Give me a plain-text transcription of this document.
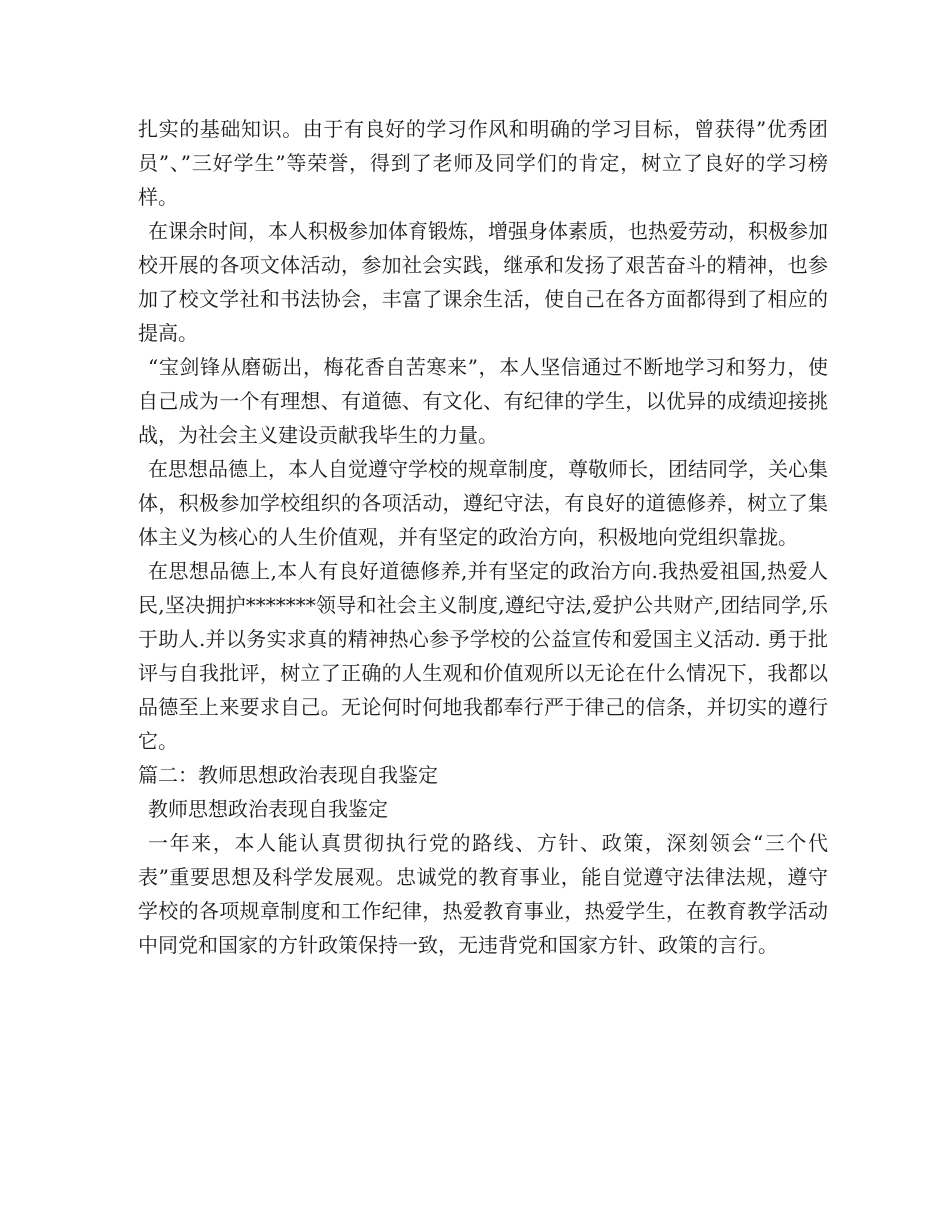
扎实的基础知识。由于有良好的学习作风和明确的学习目标，曾获得”优秀团员”、”三好学生”等荣誉，得到了老师及同学们的肯定，树立了良好的学习榜样。

在课余时间，本人积极参加体育锻炼，增强身体素质，也热爱劳动，积极参加校开展的各项文体活动，参加社会实践，继承和发扬了艰苦奋斗的精神，也参加了校文学社和书法协会，丰富了课余生活，使自己在各方面都得到了相应的提高。

“宝剑锋从磨砺出，梅花香自苦寒来”，本人坚信通过不断地学习和努力，使自己成为一个有理想、有道德、有文化、有纪律的学生，以优异的成绩迎接挑战，为社会主义建设贡献我毕生的力量。

在思想品德上，本人自觉遵守学校的规章制度，尊敬师长，团结同学，关心集体，积极参加学校组织的各项活动，遵纪守法，有良好的道德修养，树立了集体主义为核心的人生价值观，并有坚定的政治方向，积极地向党组织靠拢。

在思想品德上,本人有良好道德修养,并有坚定的政治方向.我热爱祖国,热爱人民,坚决拥护*******领导和社会主义制度,遵纪守法,爱护公共财产,团结同学,乐于助人.并以务实求真的精神热心参予学校的公益宣传和爱国主义活动. 勇于批评与自我批评，树立了正确的人生观和价值观所以无论在什么情况下，我都以品德至上来要求自己。无论何时何地我都奉行严于律己的信条，并切实的遵行它。

篇二：教师思想政治表现自我鉴定

教师思想政治表现自我鉴定

一年来，本人能认真贯彻执行党的路线、方针、政策，深刻领会“三个代表”重要思想及科学发展观。忠诚党的教育事业，能自觉遵守法律法规，遵守学校的各项规章制度和工作纪律，热爱教育事业，热爱学生，在教育教学活动中同党和国家的方针政策保持一致，无违背党和国家方针、政策的言行。
